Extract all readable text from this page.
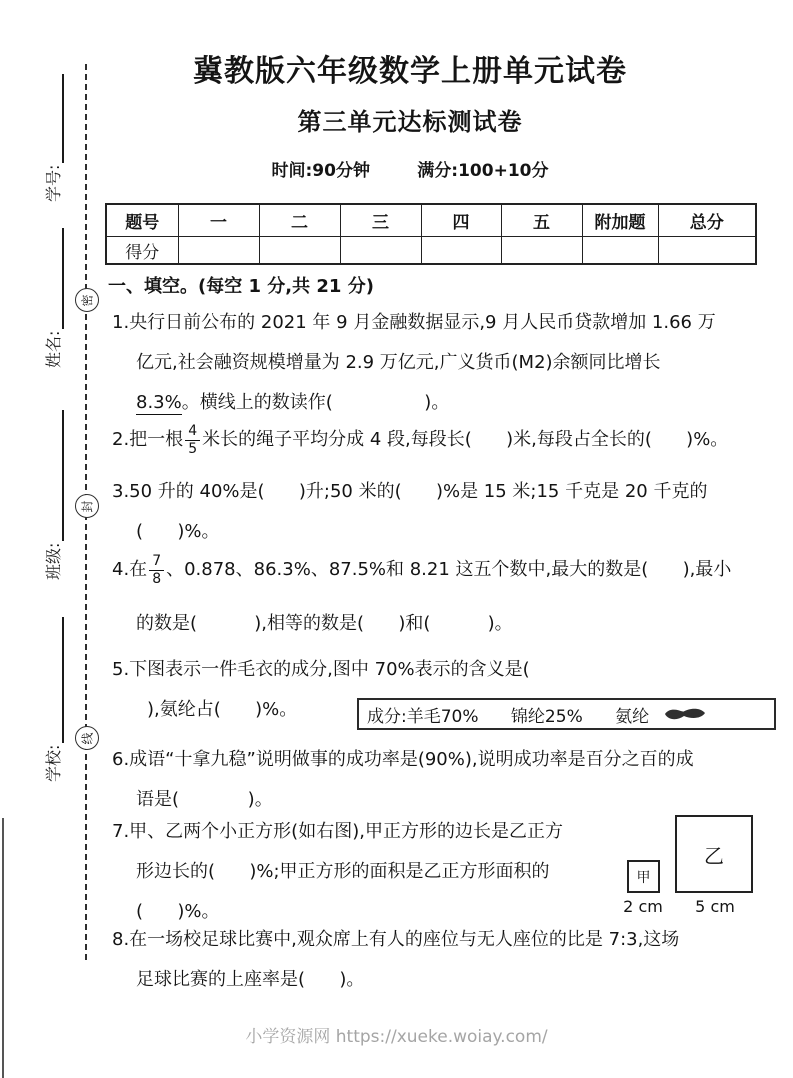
密
封
线
学号:
姓名:
班级:
学校:
冀教版六年级数学上册单元试卷
第三单元达标测试卷
时间:90分钟        满分:100+10分
题号	一	二	三	四	五	附加题	总分
得分							
一、填空。(每空 1 分,共 21 分)
1.央行日前公布的 2021 年 9 月金融数据显示,9 月人民币贷款增加 1.66 万
亿元,社会融资规模增量为 2.9 万亿元,广义货币(M2)余额同比增长
8.3%。横线上的数读作(                )。
2.把一根 $\frac{4}{5}$ 米长的绳子平均分成 4 段,每段长(      )米,每段占全长的(      )%。
3.50 升的 40%是(      )升;50 米的(      )%是 15 米;15 千克是 20 千克的
(      )%。
4.在 $\frac{7}{8}$ 、0.878、86.3%、87.5%和 8.21 这五个数中,最大的数是(      ),最小
的数是(          ),相等的数是(      )和(          )。
5.下图表示一件毛衣的成分,图中 70%表示的含义是(
),氨纶占(      )%。	成分:羊毛70%      锦纶25%      氨纶
6.成语“十拿九稳”说明做事的成功率是(90%),说明成功率是百分之百的成
语是(            )。
7.甲、乙两个小正方形(如右图),甲正方形的边长是乙正方
形边长的(      )%;甲正方形的面积是乙正方形面积的
(      )%。
乙
甲
2 cm	5 cm
8.在一场校足球比赛中,观众席上有人的座位与无人座位的比是 7:3,这场
足球比赛的上座率是(      )。
小学资源网 https://xueke.woiay.com/
